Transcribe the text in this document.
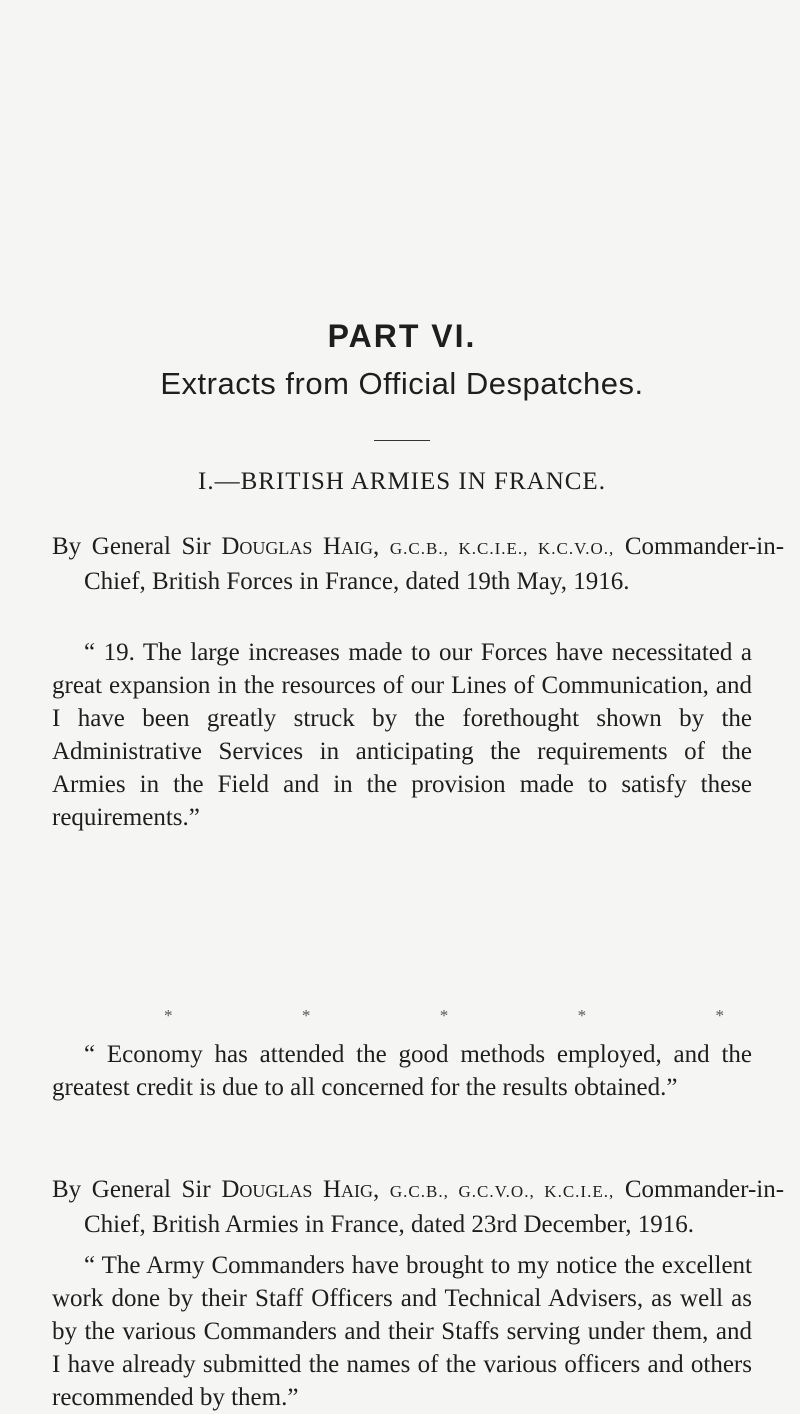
PART VI.
Extracts from Official Despatches.
I.—BRITISH ARMIES IN FRANCE.
By General Sir Douglas Haig, G.C.B., K.C.I.E., K.C.V.O., Commander-in-Chief, British Forces in France, dated 19th May, 1916.
“ 19. The large increases made to our Forces have necessitated a great expansion in the resources of our Lines of Communication, and I have been greatly struck by the forethought shown by the Administrative Services in anticipating the requirements of the Armies in the Field and in the provision made to satisfy these requirements.”
*	*	*	*	*
“ Economy has attended the good methods employed, and the greatest credit is due to all concerned for the results obtained.”
By General Sir Douglas Haig, G.C.B., G.C.V.O., K.C.I.E., Commander-in-Chief, British Armies in France, dated 23rd December, 1916.
“ The Army Commanders have brought to my notice the excellent work done by their Staff Officers and Technical Advisers, as well as by the various Commanders and their Staffs serving under them, and I have already submitted the names of the various officers and others recommended by them.”
